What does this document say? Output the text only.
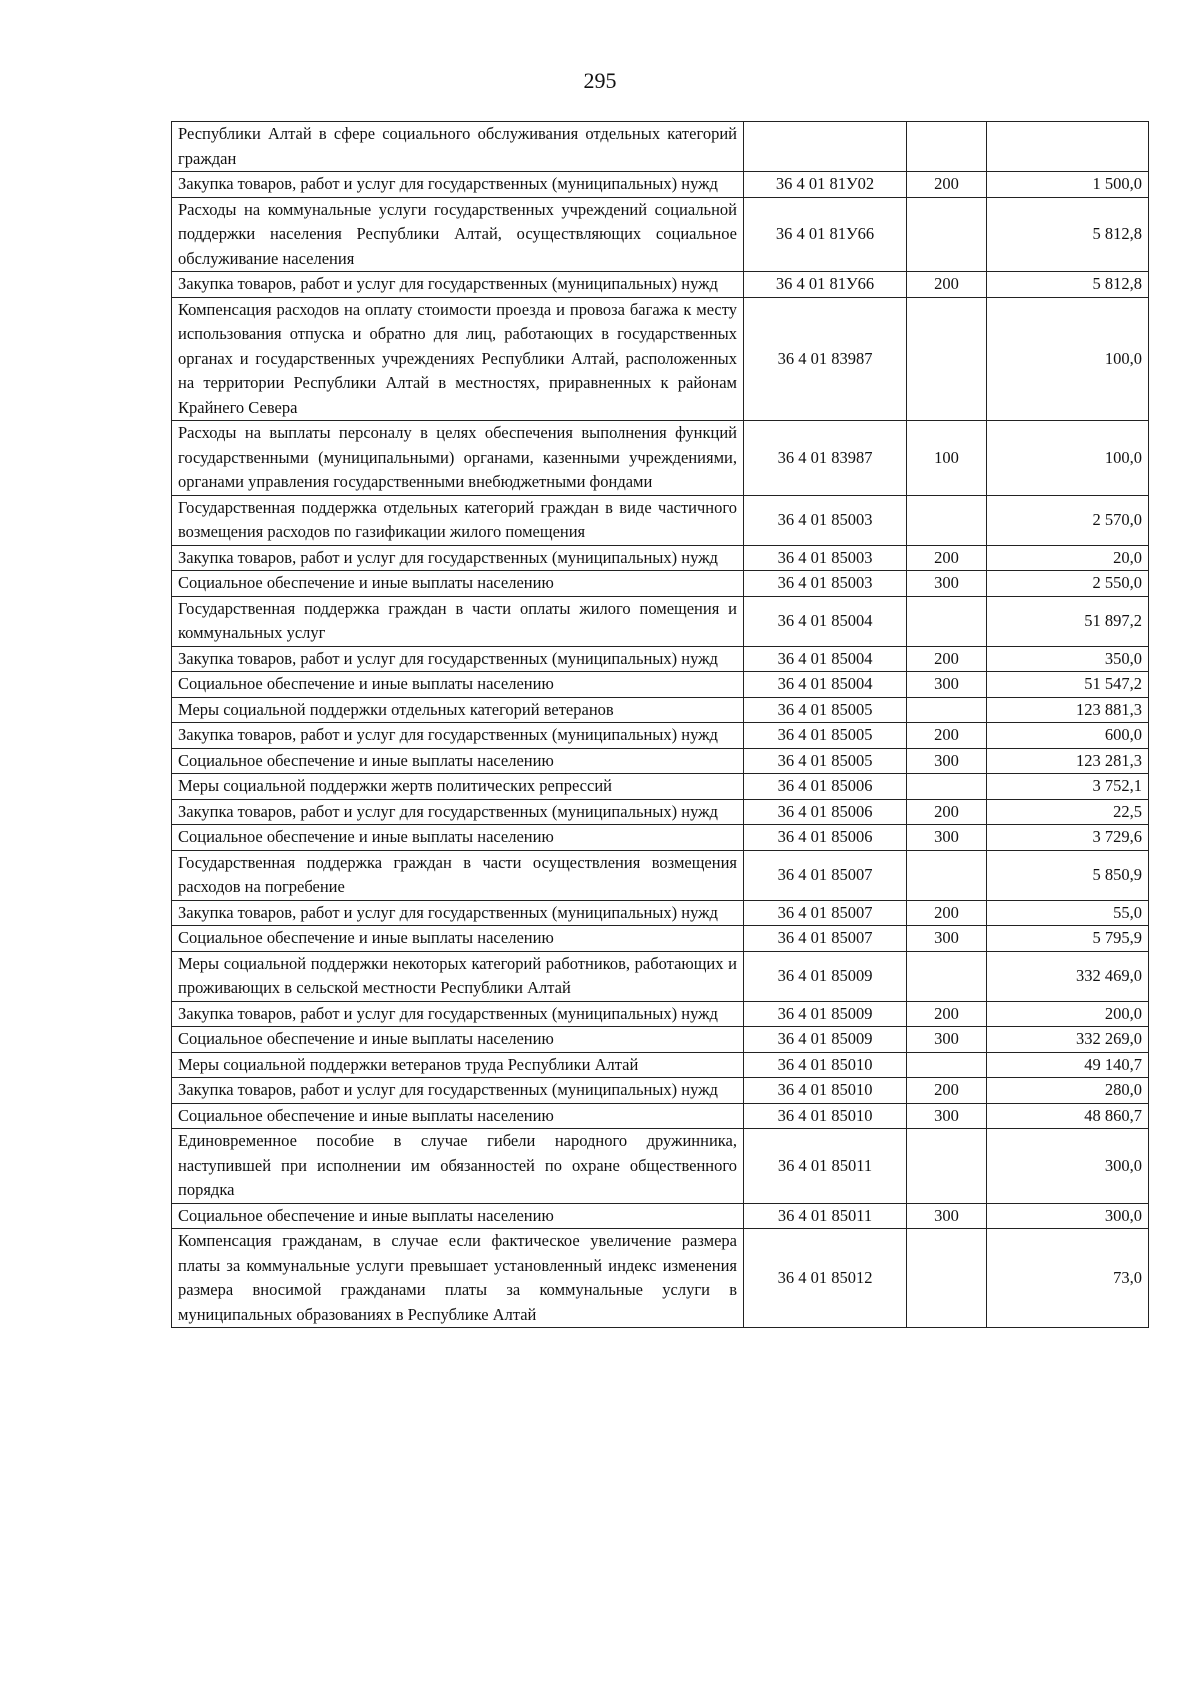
295
Республики Алтай в сфере социального обслуживания отдельных категорий граждан			
Закупка товаров, работ и услуг для государственных (муниципальных) нужд	36 4 01 81У02	200	1 500,0
Расходы на коммунальные услуги государственных учреждений социальной поддержки населения Республики Алтай, осуществляющих социальное обслуживание населения	36 4 01 81У66		5 812,8
Закупка товаров, работ и услуг для государственных (муниципальных) нужд	36 4 01 81У66	200	5 812,8
Компенсация расходов на оплату стоимости проезда и провоза багажа к месту использования отпуска и обратно для лиц, работающих в государственных органах и государственных учреждениях Республики Алтай, расположенных на территории Республики Алтай в местностях, приравненных к районам Крайнего Севера	36 4 01 83987		100,0
Расходы на выплаты персоналу в целях обеспечения выполнения функций государственными (муниципальными) органами, казенными учреждениями, органами управления государственными внебюджетными фондами	36 4 01 83987	100	100,0
Государственная поддержка отдельных категорий граждан в виде частичного возмещения расходов по газификации жилого помещения	36 4 01 85003		2 570,0
Закупка товаров, работ и услуг для государственных (муниципальных) нужд	36 4 01 85003	200	20,0
Социальное обеспечение и иные выплаты населению	36 4 01 85003	300	2 550,0
Государственная поддержка граждан в части оплаты жилого помещения и коммунальных услуг	36 4 01 85004		51 897,2
Закупка товаров, работ и услуг для государственных (муниципальных) нужд	36 4 01 85004	200	350,0
Социальное обеспечение и иные выплаты населению	36 4 01 85004	300	51 547,2
Меры социальной поддержки отдельных категорий ветеранов	36 4 01 85005		123 881,3
Закупка товаров, работ и услуг для государственных (муниципальных) нужд	36 4 01 85005	200	600,0
Социальное обеспечение и иные выплаты населению	36 4 01 85005	300	123 281,3
Меры социальной поддержки жертв политических репрессий	36 4 01 85006		3 752,1
Закупка товаров, работ и услуг для государственных (муниципальных) нужд	36 4 01 85006	200	22,5
Социальное обеспечение и иные выплаты населению	36 4 01 85006	300	3 729,6
Государственная поддержка граждан в части осуществления возмещения расходов на погребение	36 4 01 85007		5 850,9
Закупка товаров, работ и услуг для государственных (муниципальных) нужд	36 4 01 85007	200	55,0
Социальное обеспечение и иные выплаты населению	36 4 01 85007	300	5 795,9
Меры социальной поддержки некоторых категорий работников, работающих и проживающих в сельской местности Республики Алтай	36 4 01 85009		332 469,0
Закупка товаров, работ и услуг для государственных (муниципальных) нужд	36 4 01 85009	200	200,0
Социальное обеспечение и иные выплаты населению	36 4 01 85009	300	332 269,0
Меры социальной поддержки ветеранов труда Республики Алтай	36 4 01 85010		49 140,7
Закупка товаров, работ и услуг для государственных (муниципальных) нужд	36 4 01 85010	200	280,0
Социальное обеспечение и иные выплаты населению	36 4 01 85010	300	48 860,7
Единовременное пособие в случае гибели народного дружинника, наступившей при исполнении им обязанностей по охране общественного порядка	36 4 01 85011		300,0
Социальное обеспечение и иные выплаты населению	36 4 01 85011	300	300,0
Компенсация гражданам, в случае если фактическое увеличение размера платы за коммунальные услуги превышает установленный индекс изменения размера вносимой гражданами платы за коммунальные услуги в муниципальных образованиях в Республике Алтай	36 4 01 85012		73,0
